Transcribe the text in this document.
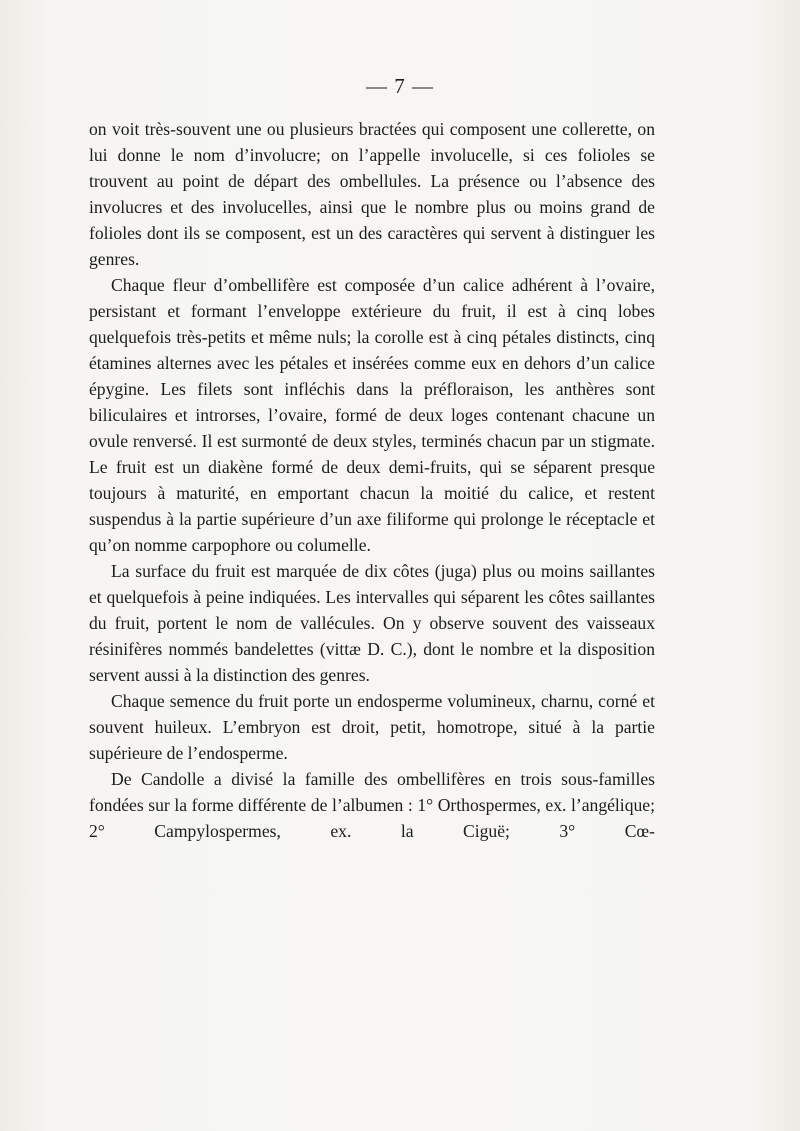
— 7 —

on voit très-souvent une ou plusieurs bractées qui composent une collerette, on lui donne le nom d’involucre; on l’appelle involucelle, si ces folioles se trouvent au point de départ des ombellules. La présence ou l’absence des involucres et des involucelles, ainsi que le nombre plus ou moins grand de folioles dont ils se composent, est un des caractères qui servent à distinguer les genres.

Chaque fleur d’ombellifère est composée d’un calice adhérent à l’ovaire, persistant et formant l’enveloppe extérieure du fruit, il est à cinq lobes quelquefois très-petits et même nuls; la corolle est à cinq pétales distincts, cinq étamines alternes avec les pétales et insérées comme eux en dehors d’un calice épygine. Les filets sont infléchis dans la préfloraison, les anthères sont biliculaires et introrses, l’ovaire, formé de deux loges contenant chacune un ovule renversé. Il est surmonté de deux styles, terminés chacun par un stigmate. Le fruit est un diakène formé de deux demi-fruits, qui se séparent presque toujours à maturité, en emportant chacun la moitié du calice, et restent suspendus à la partie supérieure d’un axe filiforme qui prolonge le réceptacle et qu’on nomme carpophore ou columelle.

La surface du fruit est marquée de dix côtes (juga) plus ou moins saillantes et quelquefois à peine indiquées. Les intervalles qui séparent les côtes saillantes du fruit, portent le nom de vallécules. On y observe souvent des vaisseaux résinifères nommés bandelettes (vittæ D. C.), dont le nombre et la disposition servent aussi à la distinction des genres.

Chaque semence du fruit porte un endosperme volumineux, charnu, corné et souvent huileux. L’embryon est droit, petit, homotrope, situé à la partie supérieure de l’endosperme.

De Candolle a divisé la famille des ombellifères en trois sous-familles fondées sur la forme différente de l’albumen : 1° Orthospermes, ex. l’angélique; 2° Campylospermes, ex. la Ciguë; 3° Cœ-
